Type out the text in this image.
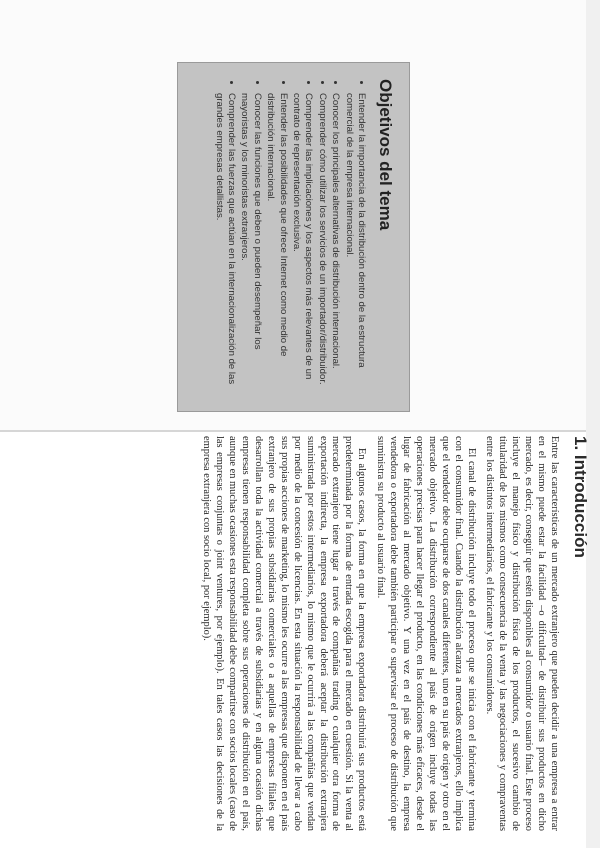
Objetivos del tema
• Entender la importancia de la distribución dentro de la estructura comercial de la empresa internacional.
• Conocer los principales alternativas de distribución internacional.
• Comprender cómo utilizar los servicios de un importador/distribuidor.
• Comprender las implicaciones y los aspectos más relevantes de un contrato de representación exclusiva.
• Entender las posibilidades que ofrece Internet como medio de distribución internacional.
• Conocer las funciones que deben o pueden desempeñar los mayoristas y los minoristas extranjeros.
• Comprender las fuerzas que actúan en la internacionalización de las grandes empresas detallistas.
1. Introducción

Entre las características de un mercado extranjero que pueden decidir a una empresa a entrar en el mismo puede estar la facilidad –o dificultad– de distribuir sus productos en dicho mercado, es decir, conseguir que estén disponibles al consumidor o usuario final. Este proceso incluye el manejo físico y distribución física de los productos, el sucesivo cambio de titularidad de los mismos como consecuencia de la venta y las negociaciones y compraventas entre los distintos intermediarios, el fabricante y los consumidores.

El canal de distribución incluye todo el proceso que se inicia con el fabricante y termina con el consumidor final. Cuando la distribución alcanza a mercados extranjeros, ello implica que el vendedor debe ocuparse de dos canales diferentes, uno en su país de origen y otro en el mercado objetivo. La distribución correspondiente al país de origen incluye todas las operaciones precisas para hacer llegar el producto, en las condiciones más eficaces, desde el lugar de fabricación al mercado objetivo. Y una vez en el país de destino, la empresa vendedora o exportadora debe también participar o supervisar el proceso de distribución que suministra su producto al usuario final.

En algunos casos, la forma en que la empresa exportadora distribuirá sus productos está predeterminada por la forma de entrada escogida para el mercado en cuestión. Si la venta al mercado extranjero tiene lugar a través de compañías trading o cualquier otra forma de exportación indirecta, la empresa exportadora deberá aceptar la distribución extranjera suministrada por estos intermediarios, lo mismo que le ocurrirá a las compañías que vendan por medio de la concesión de licencias. En esta situación la responsabilidad de llevar a cabo sus propias acciones de marketing, lo mismo les ocurre a las empresas que disponen en el país extranjero de sus propias subsidiarias comerciales o a aquellas de empresas filiales que desarrollan toda la actividad comercial a través de subsidiarias y en alguna ocasión dichas empresas tienen responsabilidad completa sobre sus operaciones de distribución en el país, aunque en muchas ocasiones esta responsabilidad debe compartirse con socios locales (caso de las empresas conjuntas o joint ventures, por ejemplo). En tales casos las decisiones de la empresa extranjera con socio local, por ejemplo).
